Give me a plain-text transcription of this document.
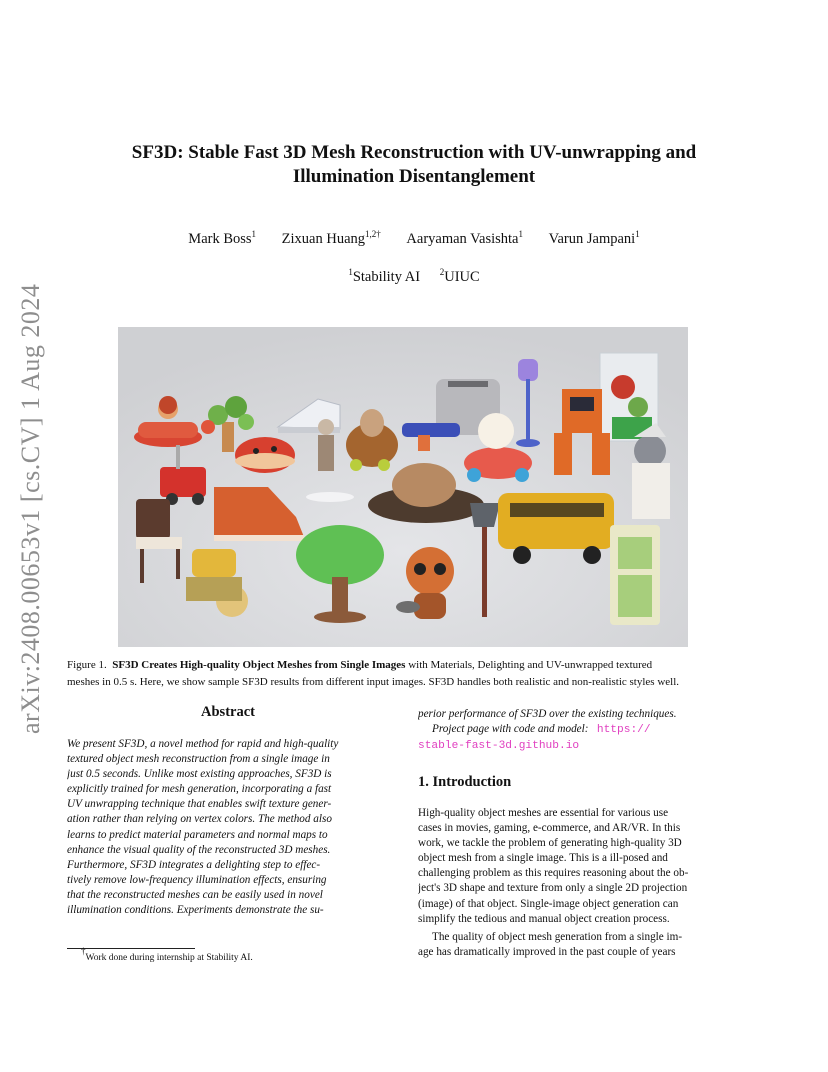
arXiv:2408.00653v1 [cs.CV] 1 Aug 2024
SF3D: Stable Fast 3D Mesh Reconstruction with UV-unwrapping and
Illumination Disentanglement
Mark Boss$^1$ Zixuan Huang$^{1,2\dagger}$ Aaryaman Vasishta$^1$ Varun Jampani$^1$
$^1$Stability AI $^2$UIUC
Figure 1. SF3D Creates High-quality Object Meshes from Single Images with Materials, Delighting and UV-unwrapped textured
meshes in 0.5 s. Here, we show sample SF3D results from different input images. SF3D handles both realistic and non-realistic styles well.
Abstract
We present SF3D, a novel method for rapid and high-quality
textured object mesh reconstruction from a single image in
just 0.5 seconds. Unlike most existing approaches, SF3D is
explicitly trained for mesh generation, incorporating a fast
UV unwrapping technique that enables swift texture gener-
ation rather than relying on vertex colors. The method also
learns to predict material parameters and normal maps to
enhance the visual quality of the reconstructed 3D meshes.
Furthermore, SF3D integrates a delighting step to effec-
tively remove low-frequency illumination effects, ensuring
that the reconstructed meshes can be easily used in novel
illumination conditions. Experiments demonstrate the su-
†Work done during internship at Stability AI.
perior performance of SF3D over the existing techniques.
Project page with code and model: https://
stable-fast-3d.github.io
1. Introduction
High-quality object meshes are essential for various use
cases in movies, gaming, e-commerce, and AR/VR. In this
work, we tackle the problem of generating high-quality 3D
object mesh from a single image. This is a ill-posed and
challenging problem as this requires reasoning about the ob-
ject's 3D shape and texture from only a single 2D projection
(image) of that object. Single-image object generation can
simplify the tedious and manual object creation process.
The quality of object mesh generation from a single im-
age has dramatically improved in the past couple of years
